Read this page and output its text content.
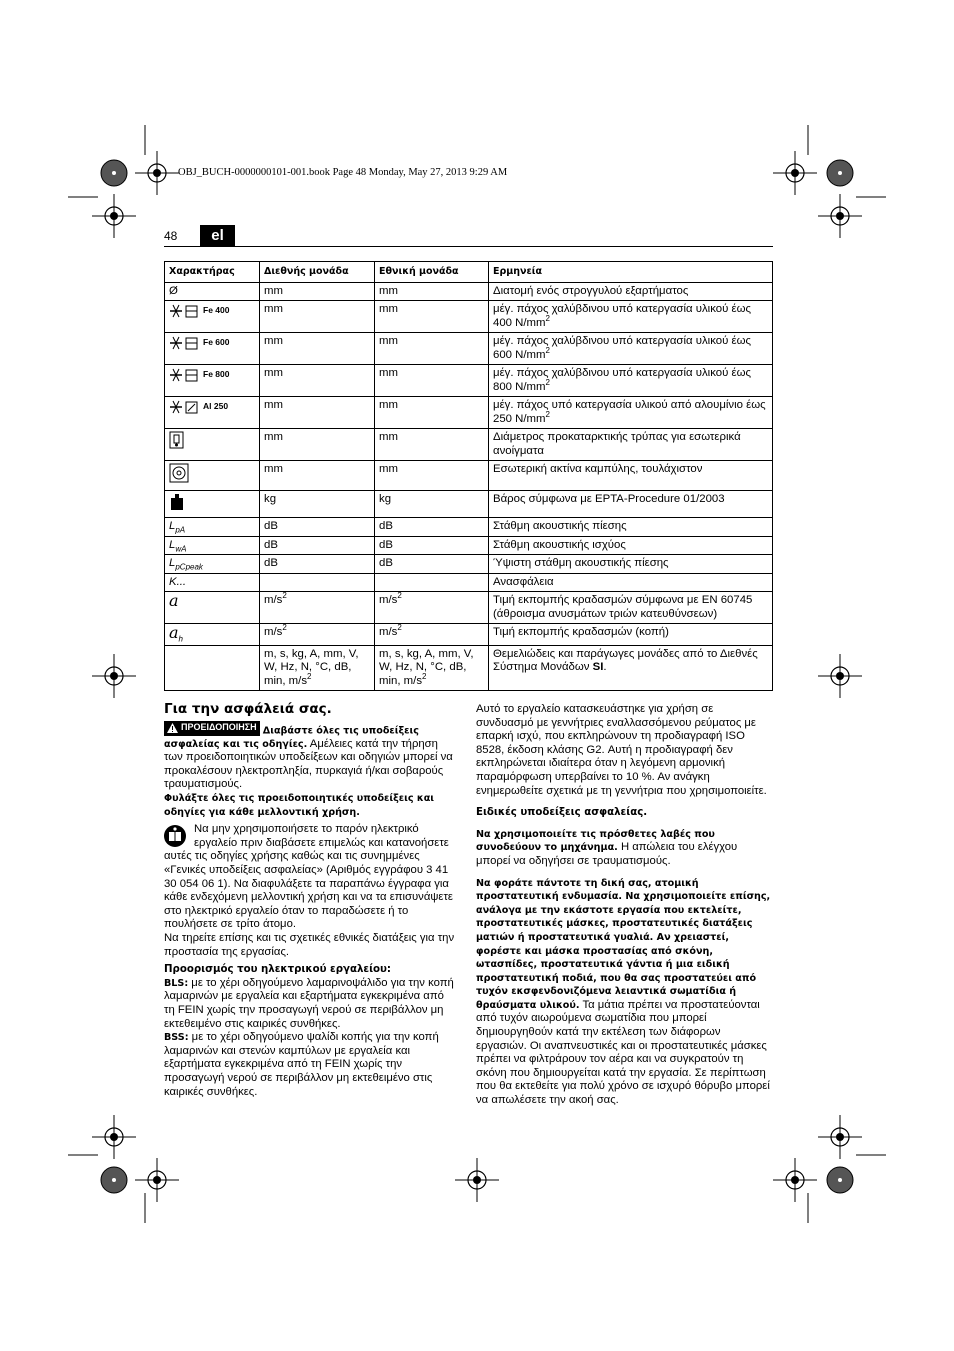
OBJ_BUCH-0000000101-001.book Page 48 Monday, May 27, 2013 9:29 AM
48	el
Χαρακτήρας	Διεθνής μονάδα	Εθνική μονάδα	Ερμηνεία
Ø	mm	mm	Διατομή ενός στρογγυλού εξαρτήματος

Fe 400	mm	mm	μέγ. πάχος χαλύβδινου υπό κατεργασία υλικού έως 400 $N/mm^2$

Fe 600	mm	mm	μέγ. πάχος χαλύβδινου υπό κατεργασία υλικού έως 600 $N/mm^2$

Fe 800	mm	mm	μέγ. πάχος χαλύβδινου υπό κατεργασία υλικού έως 800 $N/mm^2$

Al 250	mm	mm	μέγ. πάχος υπό κατεργασία υλικού από αλουμίνιο έως 250 $N/mm^2$
	mm	mm	Διάμετρος προκαταρκτικής τρύπας για εσωτερικά ανοίγματα
	mm	mm	Εσωτερική ακτίνα καμπύλης, τουλάχιστον
	kg	kg	Βάρος σύμφωνα με EPTA-Procedure 01/2003
$L_{pA}$	dB	dB	Στάθμη ακουστικής πίεσης
$L_{wA}$	dB	dB	Στάθμη ακουστικής ισχύος
$L_{pCpeak}$	dB	dB	Ύψιστη στάθμη ακουστικής πίεσης
K...			Ανασφάλεια
a	$m/s^2$	$m/s^2$	Τιμή εκπομπής κραδασμών σύμφωνα με EN 60745 (άθροισμα ανυσμάτων τριών κατευθύνσεων)
$a_h$	$m/s^2$	$m/s^2$	Τιμή εκπομπής κραδασμών (κοπή)
	m, s, kg, A, mm, V, W, Hz, N, °C, dB, min, $m/s^2$	m, s, kg, A, mm, V, W, Hz, N, °C, dB, min, $m/s^2$	Θεμελιώδεις και παράγωγες μονάδες από το Διεθνές Σύστημα Μονάδων SI.
Για την ασφάλειά σας.

ΠΡΟΕΙΔΟΠΟΙΗΣΗ Διαβάστε όλες τις υποδείξεις ασφαλείας και τις οδηγίες. Αμέλειες κατά την τήρηση των προειδοποιητικών υποδείξεων και οδηγιών μπορεί να προκαλέσουν ηλεκτροπληξία, πυρκαγιά ή/και σοβαρούς τραυματισμούς.

Φυλάξτε όλες τις προειδοποιητικές υποδείξεις και οδηγίες για κάθε μελλοντική χρήση.

Να μην χρησιμοποιήσετε το παρόν ηλεκτρικό εργαλείο πριν διαβάσετε επιμελώς και κατανοήσετε αυτές τις οδηγίες χρήσης καθώς και τις συνημμένες «Γενικές υποδείξεις ασφαλείας» (Αριθμός εγγράφου 3 41 30 054 06 1). Να διαφυλάξετε τα παραπάνω έγγραφα για κάθε ενδεχόμενη μελλοντική χρήση και να τα επισυνάψετε στο ηλεκτρικό εργαλείο όταν το παραδώσετε ή το πουλήσετε σε τρίτο άτομο.

Να τηρείτε επίσης και τις σχετικές εθνικές διατάξεις για την προστασία της εργασίας.

Προορισμός του ηλεκτρικού εργαλείου:

BLS: με το χέρι οδηγούμενο λαμαρινοψάλιδο για την κοπή λαμαρινών με εργαλεία και εξαρτήματα εγκεκριμένα από τη FEIN χωρίς την προσαγωγή νερού σε περιβάλλον μη εκτεθειμένο στις καιρικές συνθήκες.

BSS: με το χέρι οδηγούμενο ψαλίδι κοπής για την κοπή λαμαρινών και στενών καμπύλων με εργαλεία και εξαρτήματα εγκεκριμένα από τη FEIN χωρίς την προσαγωγή νερού σε περιβάλλον μη εκτεθειμένο στις καιρικές συνθήκες.

Αυτό το εργαλείο κατασκευάστηκε για χρήση σε συνδυασμό με γεννήτριες εναλλασσόμενου ρεύματος με επαρκή ισχύ, που εκπληρώνουν τη προδιαγραφή ISO 8528, έκδοση κλάσης G2. Αυτή η προδιαγραφή δεν εκπληρώνεται ιδιαίτερα όταν η λεγόμενη αρμονική παραμόρφωση υπερβαίνει το 10 %. Αν ανάγκη ενημερωθείτε σχετικά με τη γεννήτρια που χρησιμοποιείτε.

Ειδικές υποδείξεις ασφαλείας.

Να χρησιμοποιείτε τις πρόσθετες λαβές που συνοδεύουν το μηχάνημα. Η απώλεια του ελέγχου μπορεί να οδηγήσει σε τραυματισμούς.

Να φοράτε πάντοτε τη δική σας, ατομική προστατευτική ενδυμασία. Να χρησιμοποιείτε επίσης, ανάλογα με την εκάστοτε εργασία που εκτελείτε, προστατευτικές μάσκες, προστατευτικές διατάξεις ματιών ή προστατευτικά γυαλιά. Αν χρειαστεί, φορέστε και μάσκα προστασίας από σκόνη, ωτασπίδες, προστατευτικά γάντια ή μια ειδική προστατευτική ποδιά, που θα σας προστατεύει από τυχόν εκσφενδονιζόμενα λειαντικά σωματίδια ή θραύσματα υλικού. Τα μάτια πρέπει να προστατεύονται από τυχόν αιωρούμενα σωματίδια που μπορεί δημιουργηθούν κατά την εκτέλεση των διάφορων εργασιών. Οι αναπνευστικές και οι προστατευτικές μάσκες πρέπει να φιλτράρουν τον αέρα και να συγκρατούν τη σκόνη που δημιουργείται κατά την εργασία. Σε περίπτωση που θα εκτεθείτε για πολύ χρόνο σε ισχυρό θόρυβο μπορεί να απωλέσετε την ακοή σας.
